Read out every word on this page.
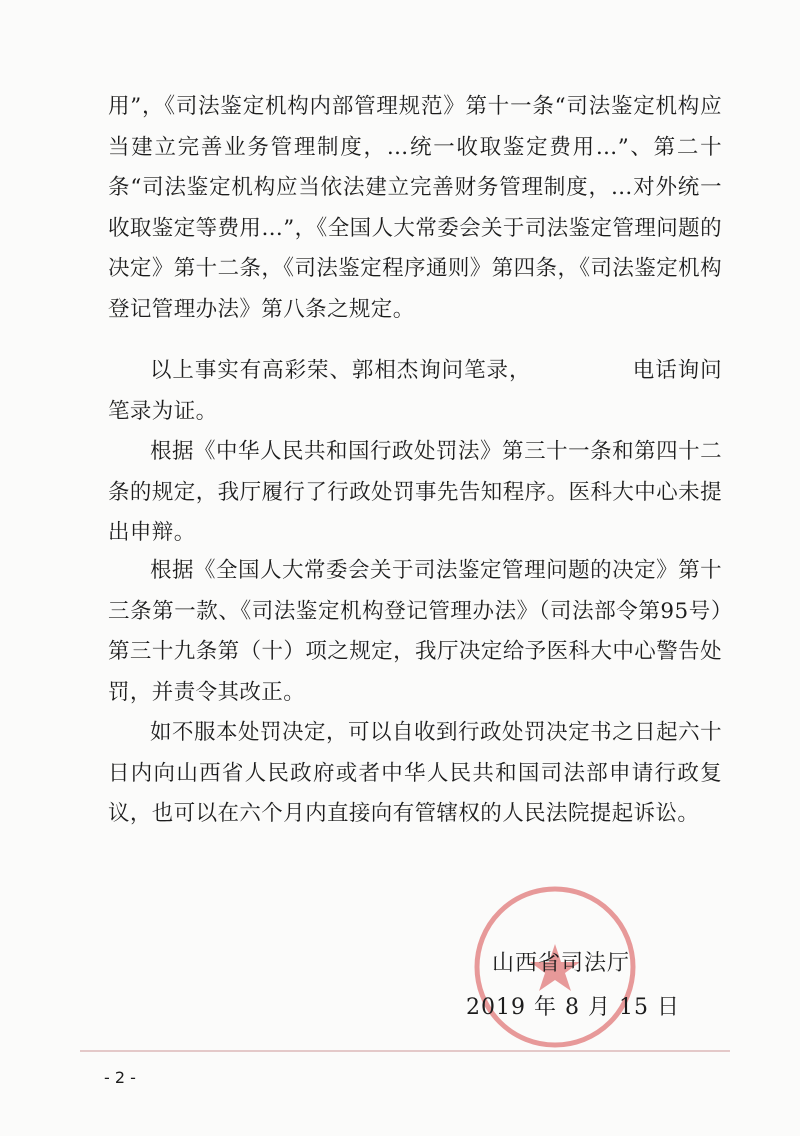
用”，《司法鉴定机构内部管理规范》第十一条“司法鉴定机构应当建立完善业务管理制度，…统一收取鉴定费用…”、第二十条“司法鉴定机构应当依法建立完善财务管理制度，…对外统一收取鉴定等费用…”，《全国人大常委会关于司法鉴定管理问题的决定》第十二条，《司法鉴定程序通则》第四条，《司法鉴定机构登记管理办法》第八条之规定。

以上事实有高彩荣、郭相杰询问笔录，　　　　　电话询问笔录为证。

根据《中华人民共和国行政处罚法》第三十一条和第四十二条的规定，我厅履行了行政处罚事先告知程序。医科大中心未提出申辩。

根据《全国人大常委会关于司法鉴定管理问题的决定》第十三条第一款、《司法鉴定机构登记管理办法》（司法部令第95号）第三十九条第（十）项之规定，我厅决定给予医科大中心警告处罚，并责令其改正。

如不服本处罚决定，可以自收到行政处罚决定书之日起六十日内向山西省人民政府或者中华人民共和国司法部申请行政复议，也可以在六个月内直接向有管辖权的人民法院提起诉讼。

山西省司法厅

2019 年 8 月 15 日

- 2 -
